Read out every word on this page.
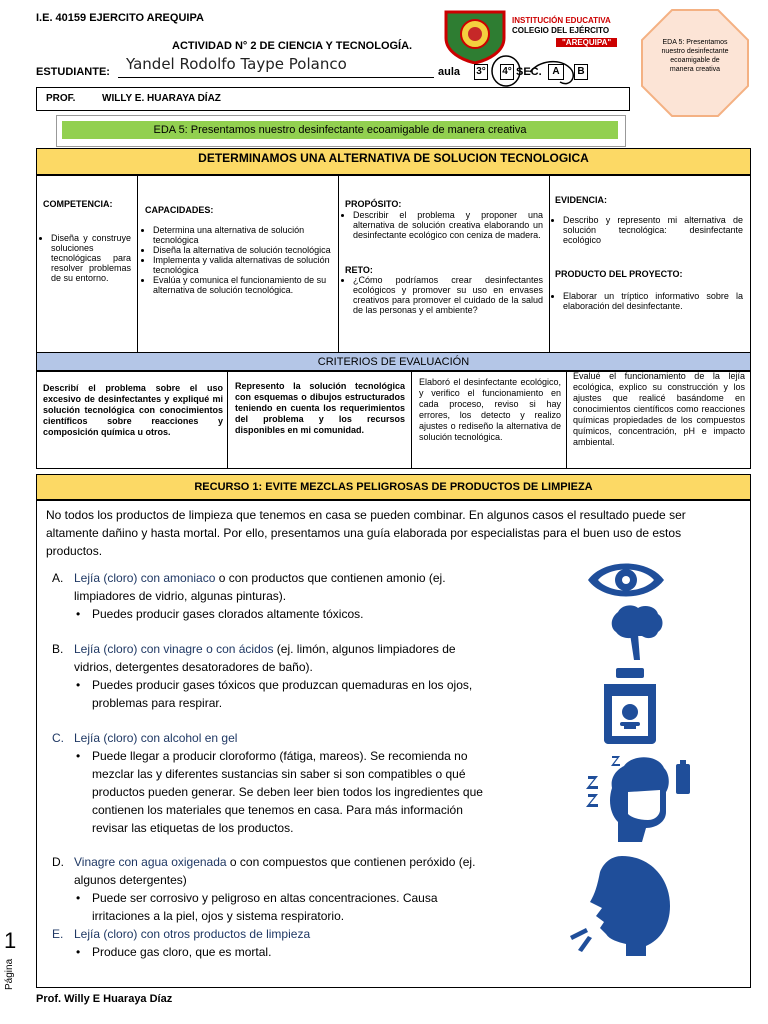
I.E. 40159 EJERCITO AREQUIPA
ACTIVIDAD N° 2 DE CIENCIA Y TECNOLOGÍA.
ESTUDIANTE: Yandel Rodolfo Taype Polanco	aula 3° 4° SEC.	A	B
PROF.	WILLY E. HUARAYA DÍAZ
INSTITUCIÓN EDUCATIVA
COLEGIO DEL EJÉRCITO
"AREQUIPA"	EDA 5: Presentamos nuestro desinfectante ecoamigable de manera creativa
EDA 5: Presentamos nuestro desinfectante ecoamigable de manera creativa
DETERMINAMOS UNA ALTERNATIVA DE SOLUCION TECNOLOGICA
COMPETENCIA:
• Diseña y construye soluciones tecnológicas para resolver problemas de su entorno.
CAPACIDADES:
• Determina una alternativa de solución tecnológica
• Diseña la alternativa de solución tecnológica
• Implementa y valida alternativas de solución tecnológica
• Evalúa y comunica el funcionamiento de su alternativa de solución tecnológica.
PROPÓSITO:
• Describir el problema y proponer una alternativa de solución creativa elaborando un desinfectante ecológico con ceniza de madera.
RETO:
• ¿Cómo podríamos crear desinfectantes ecológicos y promover su uso en envases creativos para promover el cuidado de la salud de las personas y el ambiente?
EVIDENCIA:
• Describo y represento mi alternativa de solución tecnológica: desinfectante ecológico
PRODUCTO DEL PROYECTO:
• Elaborar un tríptico informativo sobre la elaboración del desinfectante.
CRITERIOS DE EVALUACIÓN
Describí el problema sobre el uso excesivo de desinfectantes y expliqué mi solución tecnológica con conocimientos científicos sobre reacciones y composición química u otros.
Represento la solución tecnológica con esquemas o dibujos estructurados teniendo en cuenta los requerimientos del problema y los recursos disponibles en mi comunidad.
Elaboró el desinfectante ecológico, y verifico el funcionamiento en cada proceso, reviso si hay errores, los detecto y realizo ajustes o rediseño la alternativa de solución tecnológica.
Evalué el funcionamiento de la lejía ecológica, explico su construcción y los ajustes que realicé basándome en conocimientos científicos como reacciones químicas propiedades de los compuestos químicos, concentración, pH e impacto ambiental.
RECURSO 1: EVITE MEZCLAS PELIGROSAS DE PRODUCTOS DE LIMPIEZA
No todos los productos de limpieza que tenemos en casa se pueden combinar. En algunos casos el resultado puede ser
altamente dañino y hasta mortal. Por ello, presentamos una guía elaborada por especialistas para el buen uso de estos
productos.
A. Lejía (cloro) con amoniaco o con productos que contienen amonio (ej.
limpiadores de vidrio, algunas pinturas).
• Puedes producir gases clorados altamente tóxicos.
B. Lejía (cloro) con vinagre o con ácidos (ej. limón, algunos limpiadores de
vidrios, detergentes desatoradores de baño).
• Puedes producir gases tóxicos que produzcan quemaduras en los ojos,
problemas para respirar.
C. Lejía (cloro) con alcohol en gel
• Puede llegar a producir cloroformo (fátiga, mareos). Se recomienda no
mezclar las y diferentes sustancias sin saber si son compatibles o qué
productos pueden generar. Se deben leer bien todos los ingredientes que
contienen los materiales que tenemos en casa. Para más información
revisar las etiquetas de los productos.
D. Vinagre con agua oxigenada o con compuestos que contienen peróxido (ej.
algunos detergentes)
• Puede ser corrosivo y peligroso en altas concentraciones. Causa
irritaciones a la piel, ojos y sistema respiratorio.
E. Lejía (cloro) con otros productos de limpieza
• Produce gas cloro, que es mortal.
Página
1
Prof. Willy E Huaraya Díaz
